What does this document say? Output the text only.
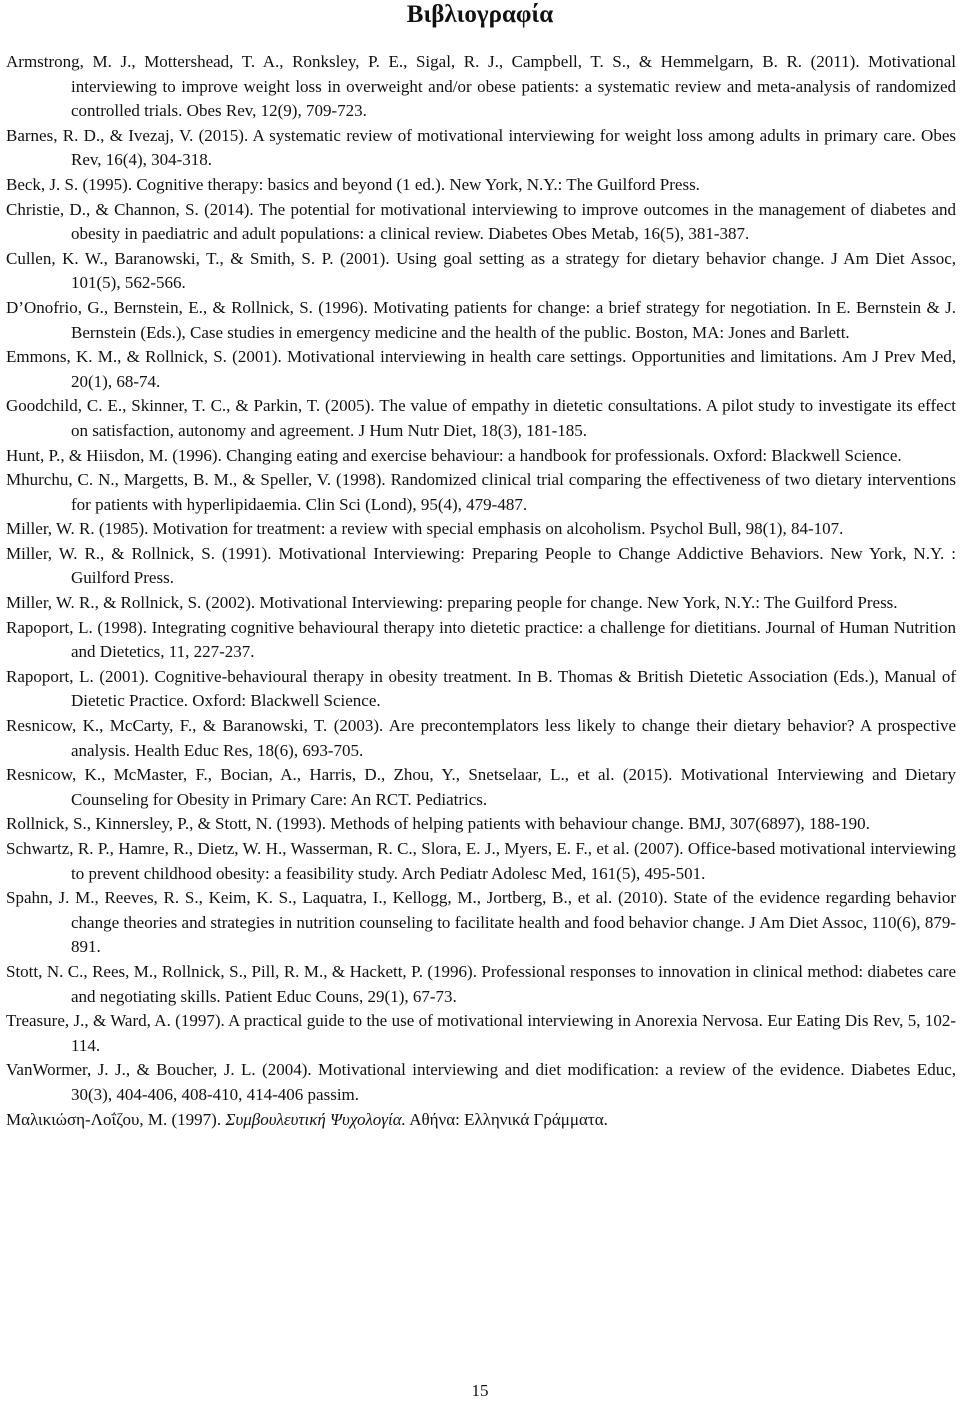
Βιβλιογραφία

Armstrong, M. J., Mottershead, T. A., Ronksley, P. E., Sigal, R. J., Campbell, T. S., & Hemmelgarn, B. R. (2011). Motivational interviewing to improve weight loss in overweight and/or obese patients: a systematic review and meta-analysis of randomized controlled trials. Obes Rev, 12(9), 709-723.

Barnes, R. D., & Ivezaj, V. (2015). A systematic review of motivational interviewing for weight loss among adults in primary care. Obes Rev, 16(4), 304-318.

Beck, J. S. (1995). Cognitive therapy: basics and beyond (1 ed.). New York, N.Y.: The Guilford Press.

Christie, D., & Channon, S. (2014). The potential for motivational interviewing to improve outcomes in the management of diabetes and obesity in paediatric and adult populations: a clinical review. Diabetes Obes Metab, 16(5), 381-387.

Cullen, K. W., Baranowski, T., & Smith, S. P. (2001). Using goal setting as a strategy for dietary behavior change. J Am Diet Assoc, 101(5), 562-566.

D’Onofrio, G., Bernstein, E., & Rollnick, S. (1996). Motivating patients for change: a brief strategy for negotiation. In E. Bernstein & J. Bernstein (Eds.), Case studies in emergency medicine and the health of the public. Boston, MA: Jones and Barlett.

Emmons, K. M., & Rollnick, S. (2001). Motivational interviewing in health care settings. Opportunities and limitations. Am J Prev Med, 20(1), 68-74.

Goodchild, C. E., Skinner, T. C., & Parkin, T. (2005). The value of empathy in dietetic consultations. A pilot study to investigate its effect on satisfaction, autonomy and agreement. J Hum Nutr Diet, 18(3), 181-185.

Hunt, P., & Hiisdon, M. (1996). Changing eating and exercise behaviour: a handbook for professionals. Oxford: Blackwell Science.

Mhurchu, C. N., Margetts, B. M., & Speller, V. (1998). Randomized clinical trial comparing the effectiveness of two dietary interventions for patients with hyperlipidaemia. Clin Sci (Lond), 95(4), 479-487.

Miller, W. R. (1985). Motivation for treatment: a review with special emphasis on alcoholism. Psychol Bull, 98(1), 84-107.

Miller, W. R., & Rollnick, S. (1991). Motivational Interviewing: Preparing People to Change Addictive Behaviors. New York, N.Y. : Guilford Press.

Miller, W. R., & Rollnick, S. (2002). Motivational Interviewing: preparing people for change. New York, N.Y.: The Guilford Press.

Rapoport, L. (1998). Integrating cognitive behavioural therapy into dietetic practice: a challenge for dietitians. Journal of Human Nutrition and Dietetics, 11, 227-237.

Rapoport, L. (2001). Cognitive-behavioural therapy in obesity treatment. In B. Thomas & British Dietetic Association (Eds.), Manual of Dietetic Practice. Oxford: Blackwell Science.

Resnicow, K., McCarty, F., & Baranowski, T. (2003). Are precontemplators less likely to change their dietary behavior? A prospective analysis. Health Educ Res, 18(6), 693-705.

Resnicow, K., McMaster, F., Bocian, A., Harris, D., Zhou, Y., Snetselaar, L., et al. (2015). Motivational Interviewing and Dietary Counseling for Obesity in Primary Care: An RCT. Pediatrics.

Rollnick, S., Kinnersley, P., & Stott, N. (1993). Methods of helping patients with behaviour change. BMJ, 307(6897), 188-190.

Schwartz, R. P., Hamre, R., Dietz, W. H., Wasserman, R. C., Slora, E. J., Myers, E. F., et al. (2007). Office-based motivational interviewing to prevent childhood obesity: a feasibility study. Arch Pediatr Adolesc Med, 161(5), 495-501.

Spahn, J. M., Reeves, R. S., Keim, K. S., Laquatra, I., Kellogg, M., Jortberg, B., et al. (2010). State of the evidence regarding behavior change theories and strategies in nutrition counseling to facilitate health and food behavior change. J Am Diet Assoc, 110(6), 879-891.

Stott, N. C., Rees, M., Rollnick, S., Pill, R. M., & Hackett, P. (1996). Professional responses to innovation in clinical method: diabetes care and negotiating skills. Patient Educ Couns, 29(1), 67-73.

Treasure, J., & Ward, A. (1997). A practical guide to the use of motivational interviewing in Anorexia Nervosa. Eur Eating Dis Rev, 5, 102-114.

VanWormer, J. J., & Boucher, J. L. (2004). Motivational interviewing and diet modification: a review of the evidence. Diabetes Educ, 30(3), 404-406, 408-410, 414-406 passim.

Μαλικιώση-Λοΐζου, Μ. (1997). Συμβουλευτική Ψυχολογία. Αθήνα: Ελληνικά Γράμματα.

15
